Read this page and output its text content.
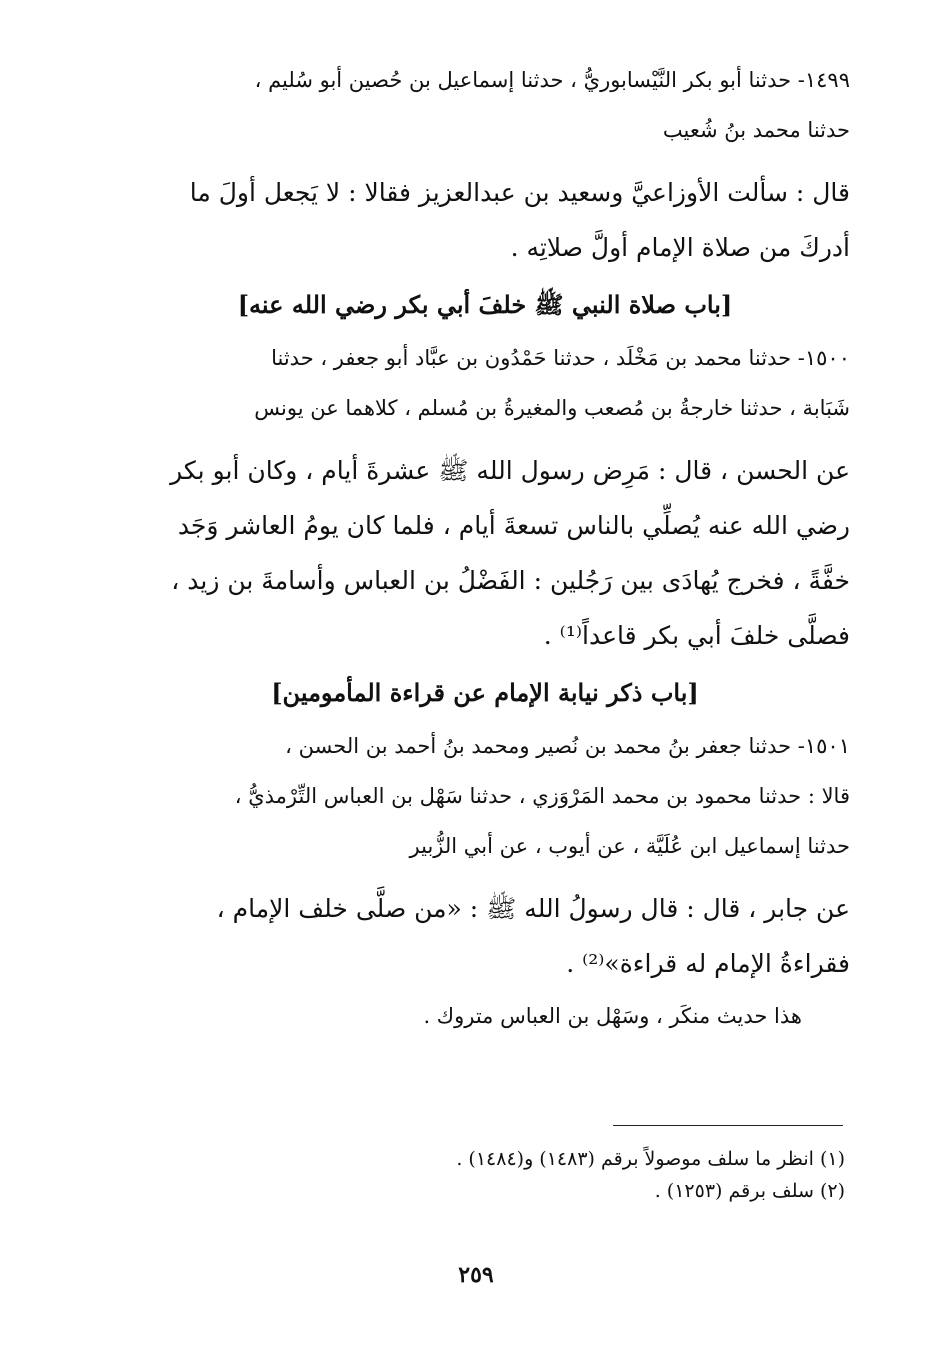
١٤٩٩- حدثنا أبو بكر النَّيْسابوريُّ ، حدثنا إسماعيل بن حُصين أبو سُليم ،
حدثنا محمد بنُ شُعيب
قال : سألت الأوزاعيَّ وسعيد بن عبدالعزيز فقالا : لا يَجعل أولَ ما
أدركَ من صلاة الإمام أولَّ صلاتِه .
[باب صلاة النبي ﷺ خلفَ أبي بكر رضي الله عنه]
١٥٠٠- حدثنا محمد بن مَخْلَد ، حدثنا حَمْدُون بن عبَّاد أبو جعفر ، حدثنا
شَبَابة ، حدثنا خارجةُ بن مُصعب والمغيرةُ بن مُسلم ، كلاهما عن يونس
عن الحسن ، قال : مَرِض رسول الله ﷺ عشرةَ أيام ، وكان أبو بكر
رضي الله عنه يُصلِّي بالناس تسعةَ أيام ، فلما كان يومُ العاشر وَجَد
خفَّةً ، فخرج يُهادَى بين رَجُلين : الفَضْلُ بن العباس وأسامةَ بن زيد ،
فصلَّى خلفَ أبي بكر قاعداً⁽¹⁾ .
[باب ذكر نيابة الإمام عن قراءة المأمومين]
١٥٠١- حدثنا جعفر بنُ محمد بن نُصير ومحمد بنُ أحمد بن الحسن ،
قالا : حدثنا محمود بن محمد المَرْوَزي ، حدثنا سَهْل بن العباس التِّرْمذيُّ ،
حدثنا إسماعيل ابن عُلَيَّة ، عن أيوب ، عن أبي الزُّبير
عن جابر ، قال : قال رسولُ الله ﷺ : «من صلَّى خلف الإمام ،
فقراءةُ الإمام له قراءة»⁽²⁾ .
هذا حديث منكَر ، وسَهْل بن العباس متروك .
(١) انظر ما سلف موصولاً برقم (١٤٨٣) و(١٤٨٤) .
(٢) سلف برقم (١٢٥٣) .
٢٥٩
